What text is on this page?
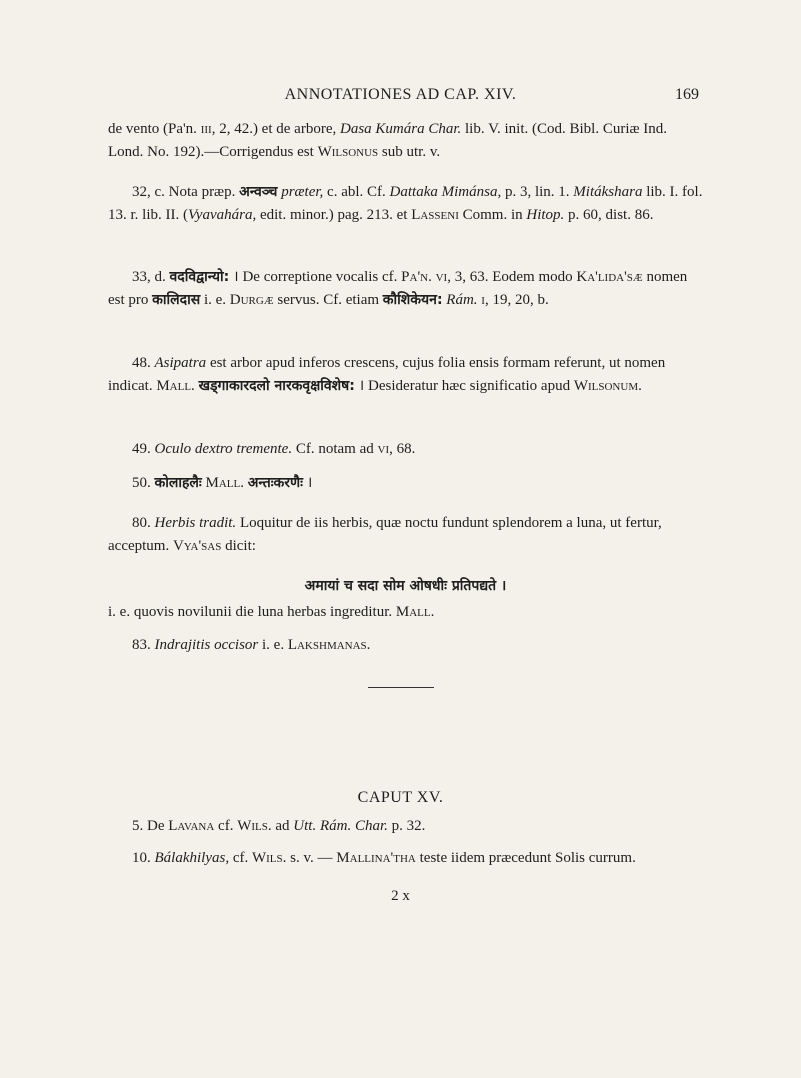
ANNOTATIONES AD CAP. XIV.	169

de vento (Pa'n. iii, 2, 42.) et de arbore, Dasa Kumára Char. lib. V. init. (Cod. Bibl. Curiæ Ind. Lond. No. 192).—Corrigendus est Wilsonus sub utr. v.

32, c. Nota præp. अन्वञ्च præter, c. abl. Cf. Dattaka Mimánsa, p. 3, lin. 1. Mitákshara lib. I. fol. 13. r. lib. II. (Vyavahára, edit. minor.) pag. 213. et Lasseni Comm. in Hitop. p. 60, dist. 86.

33, d. वदविद्वान्यो: । De correptione vocalis cf. Pa'n. vi, 3, 63. Eodem modo Ka'lida'sæ nomen est pro कालिदास i. e. Durgæ servus. Cf. etiam कौशिकेयन: Rám. i, 19, 20, b.

48. Asipatra est arbor apud inferos crescens, cujus folia ensis formam referunt, ut nomen indicat. Mall. खड्गाकारदलो नारकवृक्षविशेष: । Desideratur hæc significatio apud Wilsonum.

49. Oculo dextro tremente. Cf. notam ad vi, 68.

50. कोलाहलैः Mall. अन्तःकरणैः ।

80. Herbis tradit. Loquitur de iis herbis, quæ noctu fundunt splendorem a luna, ut fertur, acceptum. Vya'sas dicit:

अमायां च सदा सोम ओषधीः प्रतिपद्यते ।

i. e. quovis novilunii die luna herbas ingreditur. Mall.

83. Indrajitis occisor i. e. Lakshmanas.

CAPUT XV.

5. De Lavana cf. Wils. ad Utt. Rám. Char. p. 32.

10. Bálakhilyas, cf. Wils. s. v. — Mallina'tha teste iidem præcedunt Solis currum.

2 x
